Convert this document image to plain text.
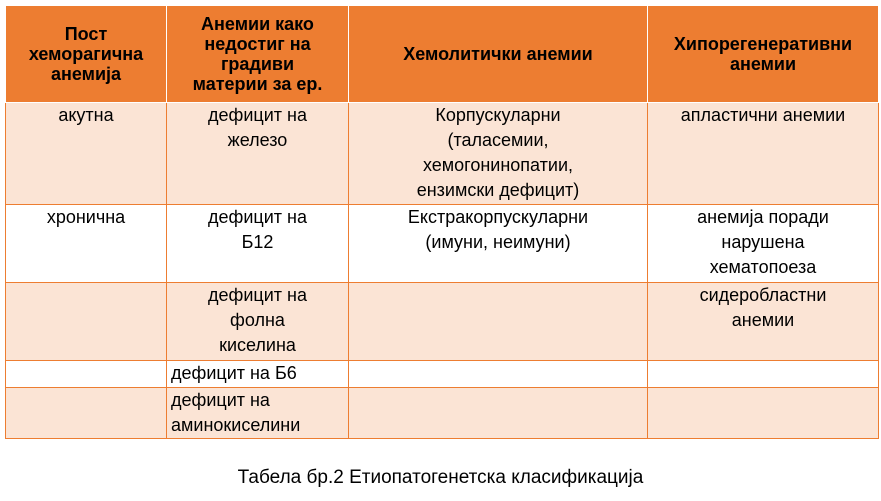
Пост
хеморагична
анемија	Анемии како
недостиг на
градиви
материи за ер.	Хемолитички анемии	Хипорегенеративни
анемии

акутна	дефицит на
железо	Корпускуларни
(таласемии,
хемогонинопатии,
ензимски дефицит)	апластични анемии

хронична	дефицит на
Б12	Екстракорпускуларни
(имуни, неимуни)	анемија поради
нарушена
хематопоеза

	дефицит на
фолна
киселина		сидеробластни
анемии

	дефицит на Б6		

	дефицит на
аминокиселини		

Табела бр.2 Етиопатогенетска класификација
